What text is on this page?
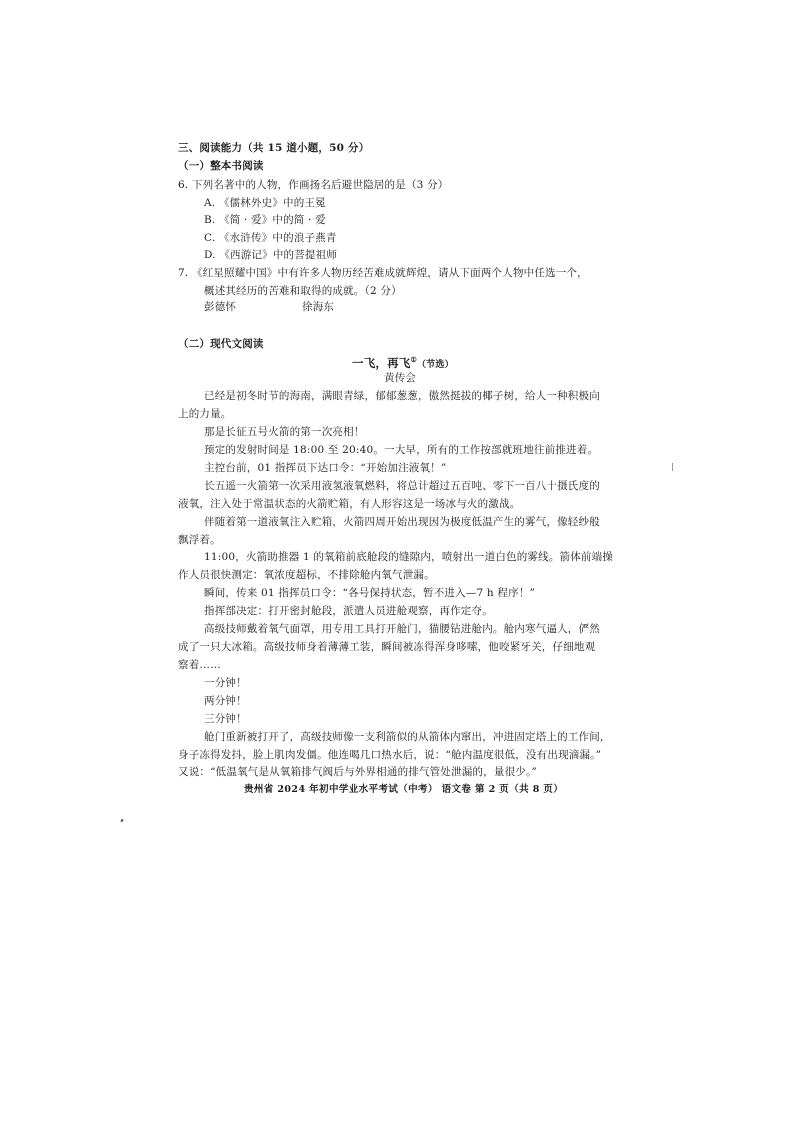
三、阅读能力（共 15 道小题，50 分）
（一）整本书阅读
6. 下列名著中的人物，作画扬名后避世隐居的是（3 分）
A. 《儒林外史》中的王冕
B. 《简 · 爱》中的简 · 爱
C. 《水浒传》中的浪子燕青
D. 《西游记》中的菩提祖师
7. 《红星照耀中国》中有许多人物历经苦难成就辉煌，请从下面两个人物中任选一个，
概述其经历的苦难和取得的成就。（2 分）
彭德怀	徐海东
（二）现代文阅读
一飞，再飞①（节选）
黄传会
已经是初冬时节的海南，满眼青绿，郁郁葱葱，傲然挺拔的椰子树，给人一种积极向
上的力量。
那是长征五号火箭的第一次亮相！
预定的发射时间是 18:00 至 20:40。一大早，所有的工作按部就班地往前推进着。
主控台前，01 指挥员下达口令：“开始加注液氧！”
长五遥一火箭第一次采用液氢液氧燃料，将总计超过五百吨、零下一百八十摄氏度的
液氧，注入处于常温状态的火箭贮箱，有人形容这是一场冰与火的激战。
伴随着第一道液氧注入贮箱，火箭四周开始出现因为极度低温产生的雾气，像轻纱般
飘浮着。
11:00，火箭助推器 1 的氧箱前底舱段的缝隙内，喷射出一道白色的雾线。箭体前端操
作人员很快测定：氧浓度超标，不排除舱内氧气泄漏。
瞬间，传来 01 指挥员口令：“各号保持状态，暂不进入—7 h 程序！”
指挥部决定：打开密封舱段，派遣人员进舱观察，再作定夺。
高级技师戴着氧气面罩，用专用工具打开舱门，猫腰钻进舱内。舱内寒气逼人，俨然
成了一只大冰箱。高级技师身着薄薄工装，瞬间被冻得浑身哆嗦，他咬紧牙关，仔细地观
察着……
一分钟！
两分钟！
三分钟！
舱门重新被打开了，高级技师像一支利箭似的从箭体内窜出，冲进固定塔上的工作间，
身子冻得发抖，脸上肌肉发僵。他连喝几口热水后，说：“舱内温度很低，没有出现滴漏。”
又说：“低温氧气是从氧箱排气阀后与外界相通的排气管处泄漏的，量很少。”
贵州省 2024 年初中学业水平考试（中考） 语文卷 第 2 页（共 8 页）
